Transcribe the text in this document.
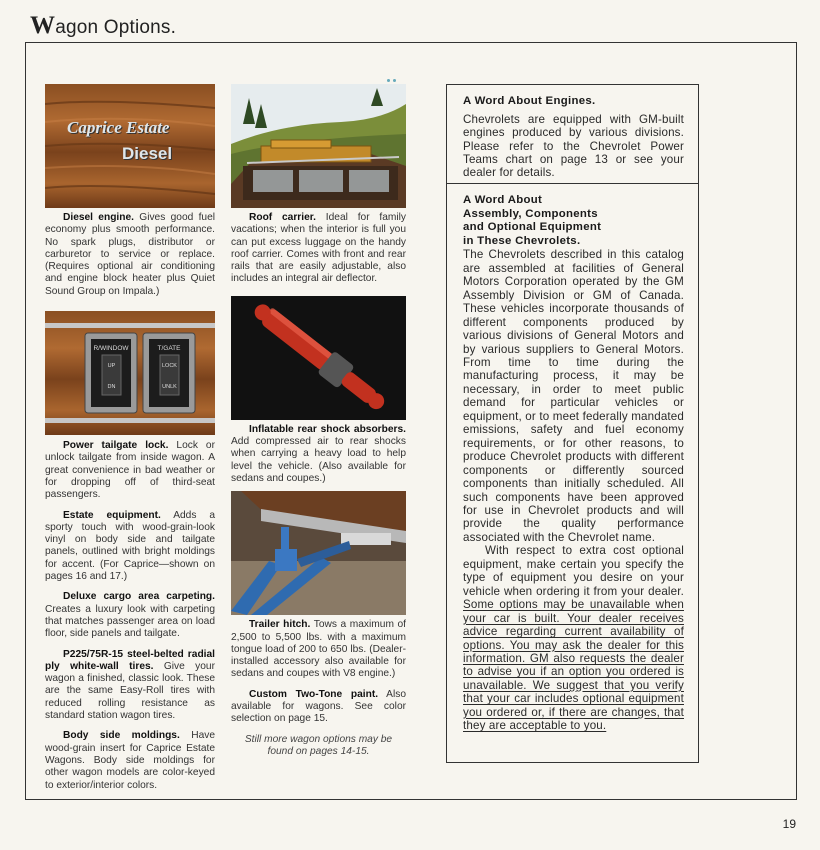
Wagon Options.
Caprice Estate
Diesel

Diesel engine. Gives good fuel economy plus smooth performance. No spark plugs, distributor or carburetor to service or replace. (Requires optional air conditioning and engine block heater plus Quiet Sound Group on Impala.)

R/WINDOW
UP
DN
T/GATE
LOCK
UNLK

Power tailgate lock. Lock or unlock tailgate from inside wagon. A great convenience in bad weather or for dropping off of third-seat passengers.

Estate equipment. Adds a sporty touch with wood-grain-look vinyl on body side and tailgate panels, outlined with bright moldings for accent. (For Caprice—shown on pages 16 and 17.)

Deluxe cargo area carpeting. Creates a luxury look with carpeting that matches passenger area on load floor, side panels and tailgate.

P225/75R-15 steel-belted radial ply white-wall tires. Give your wagon a finished, classic look. These are the same Easy-Roll tires with reduced rolling resistance as standard station wagon tires.

Body side moldings. Have wood-grain insert for Caprice Estate Wagons. Body side moldings for other wagon models are color-keyed to exterior/interior colors.

Roof carrier. Ideal for family vacations; when the interior is full you can put excess luggage on the handy roof carrier. Comes with front and rear rails that are easily adjustable, also includes an integral air deflector.

Inflatable rear shock absorbers. Add compressed air to rear shocks when carrying a heavy load to help level the vehicle. (Also available for sedans and coupes.)

Trailer hitch. Tows a maximum of 2,500 to 5,500 lbs. with a maximum tongue load of 200 to 650 lbs. (Dealer-installed accessory also available for sedans and coupes with V8 engine.)

Custom Two-Tone paint. Also available for wagons. See color selection on page 15.

Still more wagon options may be found on pages 14-15.

A Word About Engines.

Chevrolets are equipped with GM-built engines produced by various divisions. Please refer to the Chevrolet Power Teams chart on page 13 or see your dealer for details.

A Word About
Assembly, Components
and Optional Equipment
in These Chevrolets.

The Chevrolets described in this catalog are assembled at facilities of General Motors Corporation operated by the GM Assembly Division or GM of Canada. These vehicles incorporate thousands of different components produced by various divisions of General Motors and by various suppliers to General Motors. From time to time during the manufacturing process, it may be necessary, in order to meet public demand for particular vehicles or equipment, or to meet federally mandated emissions, safety and fuel economy requirements, or for other reasons, to produce Chevrolet products with different components or differently sourced components than initially scheduled. All such components have been approved for use in Chevrolet products and will provide the quality performance associated with the Chevrolet name.

With respect to extra cost optional equipment, make certain you specify the type of equipment you desire on your vehicle when ordering it from your dealer. Some options may be unavailable when your car is built. Your dealer receives advice regarding current availability of options. You may ask the dealer for this information. GM also requests the dealer to advise you if an option you ordered is unavailable. We suggest that you verify that your car includes optional equipment you ordered or, if there are changes, that they are acceptable to you.

19
